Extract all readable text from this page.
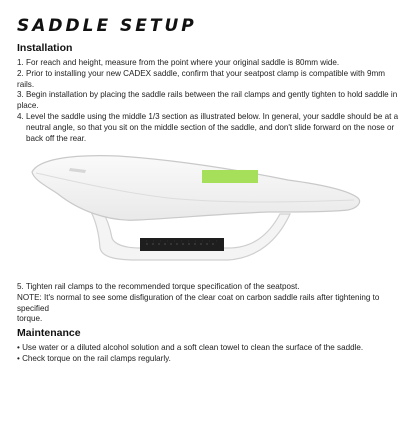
SADDLE SETUP
Installation

1. For reach and height, measure from the point where your original saddle is 80mm wide.

2. Prior to installing your new CADEX saddle, confirm that your seatpost clamp is compatible with 9mm rails.

3. Begin installation by placing the saddle rails between the rail clamps and gently tighten to hold saddle in place.

4. Level the saddle using the middle 1/3 section as illustrated below. In general, your saddle should be at a

neutral angle, so that you sit on the middle section of the saddle, and don't slide forward on the nose or

back off the rear.

5. Tighten rail clamps to the recommended torque specification of the seatpost.

NOTE: It's normal to see some disfiguration of the clear coat on carbon saddle rails after tightening to specified

torque.

Maintenance

• Use water or a diluted alcohol solution and a soft clean towel to clean the surface of the saddle.

• Check torque on the rail clamps regularly.
